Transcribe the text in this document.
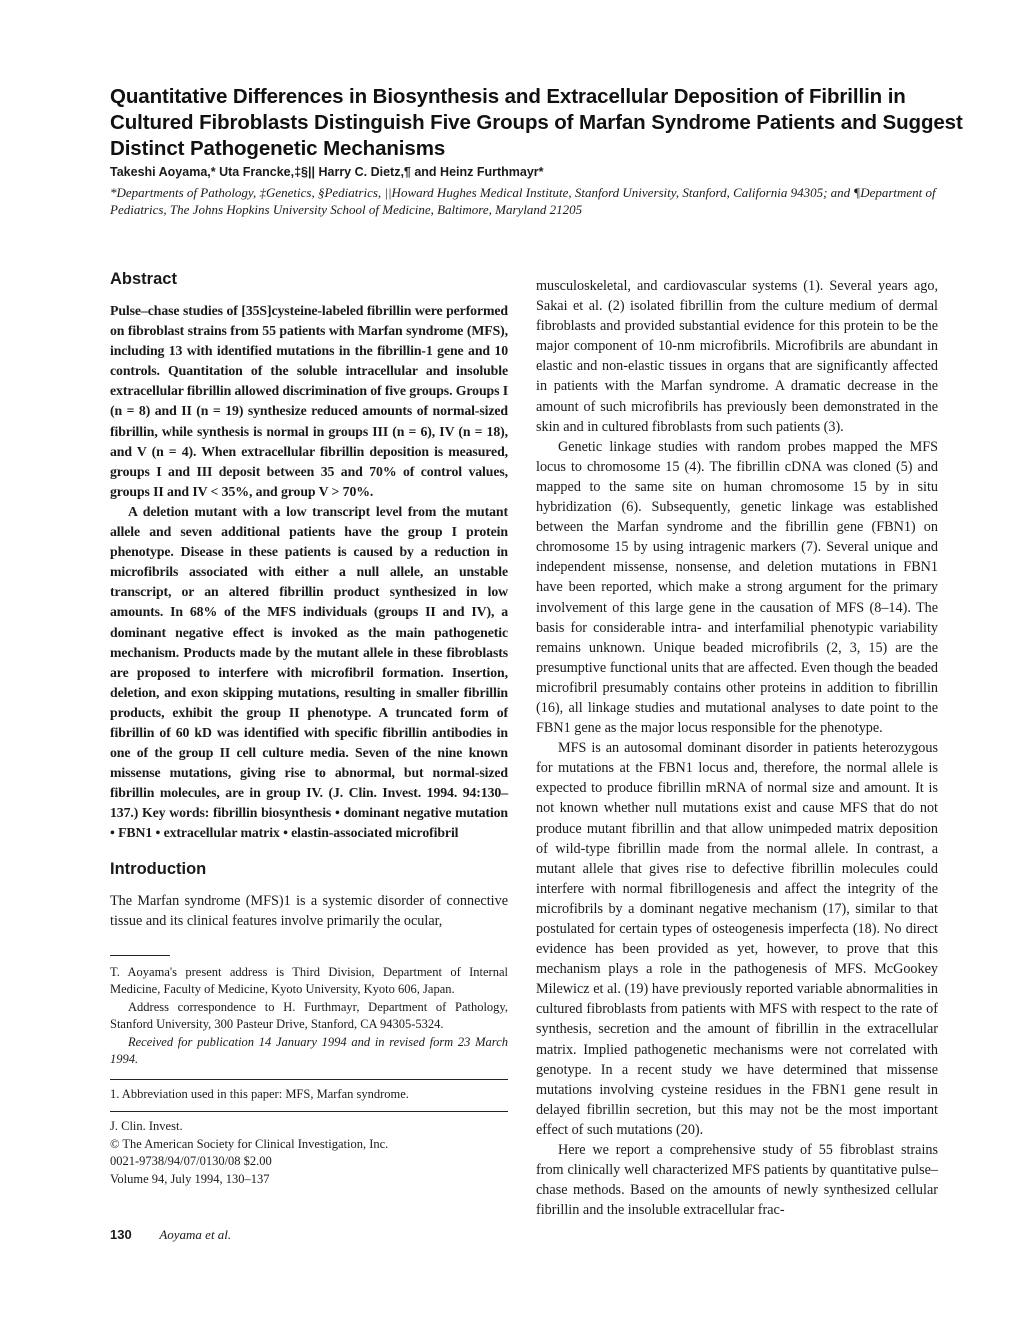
Quantitative Differences in Biosynthesis and Extracellular Deposition of Fibrillin in Cultured Fibroblasts Distinguish Five Groups of Marfan Syndrome Patients and Suggest Distinct Pathogenetic Mechanisms
Takeshi Aoyama,* Uta Francke,‡§|| Harry C. Dietz,¶ and Heinz Furthmayr*
*Departments of Pathology, ‡Genetics, §Pediatrics, ||Howard Hughes Medical Institute, Stanford University, Stanford, California 94305; and ¶Department of Pediatrics, The Johns Hopkins University School of Medicine, Baltimore, Maryland 21205
Abstract

Pulse–chase studies of [35S]cysteine-labeled fibrillin were performed on fibroblast strains from 55 patients with Marfan syndrome (MFS), including 13 with identified mutations in the fibrillin-1 gene and 10 controls. Quantitation of the soluble intracellular and insoluble extracellular fibrillin allowed discrimination of five groups. Groups I (n = 8) and II (n = 19) synthesize reduced amounts of normal-sized fibrillin, while synthesis is normal in groups III (n = 6), IV (n = 18), and V (n = 4). When extracellular fibrillin deposition is measured, groups I and III deposit between 35 and 70% of control values, groups II and IV < 35%, and group V > 70%.

A deletion mutant with a low transcript level from the mutant allele and seven additional patients have the group I protein phenotype. Disease in these patients is caused by a reduction in microfibrils associated with either a null allele, an unstable transcript, or an altered fibrillin product synthesized in low amounts. In 68% of the MFS individuals (groups II and IV), a dominant negative effect is invoked as the main pathogenetic mechanism. Products made by the mutant allele in these fibroblasts are proposed to interfere with microfibril formation. Insertion, deletion, and exon skipping mutations, resulting in smaller fibrillin products, exhibit the group II phenotype. A truncated form of fibrillin of 60 kD was identified with specific fibrillin antibodies in one of the group II cell culture media. Seven of the nine known missense mutations, giving rise to abnormal, but normal-sized fibrillin molecules, are in group IV. (J. Clin. Invest. 1994. 94:130–137.) Key words: fibrillin biosynthesis • dominant negative mutation • FBN1 • extracellular matrix • elastin-associated microfibril

Introduction

The Marfan syndrome (MFS)1 is a systemic disorder of connective tissue and its clinical features involve primarily the ocular,

T. Aoyama's present address is Third Division, Department of Internal Medicine, Faculty of Medicine, Kyoto University, Kyoto 606, Japan.

Address correspondence to H. Furthmayr, Department of Pathology, Stanford University, 300 Pasteur Drive, Stanford, CA 94305-5324.

Received for publication 14 January 1994 and in revised form 23 March 1994.

1. Abbreviation used in this paper: MFS, Marfan syndrome.

J. Clin. Invest.

© The American Society for Clinical Investigation, Inc.

0021-9738/94/07/0130/08 $2.00

Volume 94, July 1994, 130–137

musculoskeletal, and cardiovascular systems (1). Several years ago, Sakai et al. (2) isolated fibrillin from the culture medium of dermal fibroblasts and provided substantial evidence for this protein to be the major component of 10-nm microfibrils. Microfibrils are abundant in elastic and non-elastic tissues in organs that are significantly affected in patients with the Marfan syndrome. A dramatic decrease in the amount of such microfibrils has previously been demonstrated in the skin and in cultured fibroblasts from such patients (3).

Genetic linkage studies with random probes mapped the MFS locus to chromosome 15 (4). The fibrillin cDNA was cloned (5) and mapped to the same site on human chromosome 15 by in situ hybridization (6). Subsequently, genetic linkage was established between the Marfan syndrome and the fibrillin gene (FBN1) on chromosome 15 by using intragenic markers (7). Several unique and independent missense, nonsense, and deletion mutations in FBN1 have been reported, which make a strong argument for the primary involvement of this large gene in the causation of MFS (8–14). The basis for considerable intra- and interfamilial phenotypic variability remains unknown. Unique beaded microfibrils (2, 3, 15) are the presumptive functional units that are affected. Even though the beaded microfibril presumably contains other proteins in addition to fibrillin (16), all linkage studies and mutational analyses to date point to the FBN1 gene as the major locus responsible for the phenotype.

MFS is an autosomal dominant disorder in patients heterozygous for mutations at the FBN1 locus and, therefore, the normal allele is expected to produce fibrillin mRNA of normal size and amount. It is not known whether null mutations exist and cause MFS that do not produce mutant fibrillin and that allow unimpeded matrix deposition of wild-type fibrillin made from the normal allele. In contrast, a mutant allele that gives rise to defective fibrillin molecules could interfere with normal fibrillogenesis and affect the integrity of the microfibrils by a dominant negative mechanism (17), similar to that postulated for certain types of osteogenesis imperfecta (18). No direct evidence has been provided as yet, however, to prove that this mechanism plays a role in the pathogenesis of MFS. McGookey Milewicz et al. (19) have previously reported variable abnormalities in cultured fibroblasts from patients with MFS with respect to the rate of synthesis, secretion and the amount of fibrillin in the extracellular matrix. Implied pathogenetic mechanisms were not correlated with genotype. In a recent study we have determined that missense mutations involving cysteine residues in the FBN1 gene result in delayed fibrillin secretion, but this may not be the most important effect of such mutations (20).

Here we report a comprehensive study of 55 fibroblast strains from clinically well characterized MFS patients by quantitative pulse–chase methods. Based on the amounts of newly synthesized cellular fibrillin and the insoluble extracellular frac-

130 Aoyama et al.
